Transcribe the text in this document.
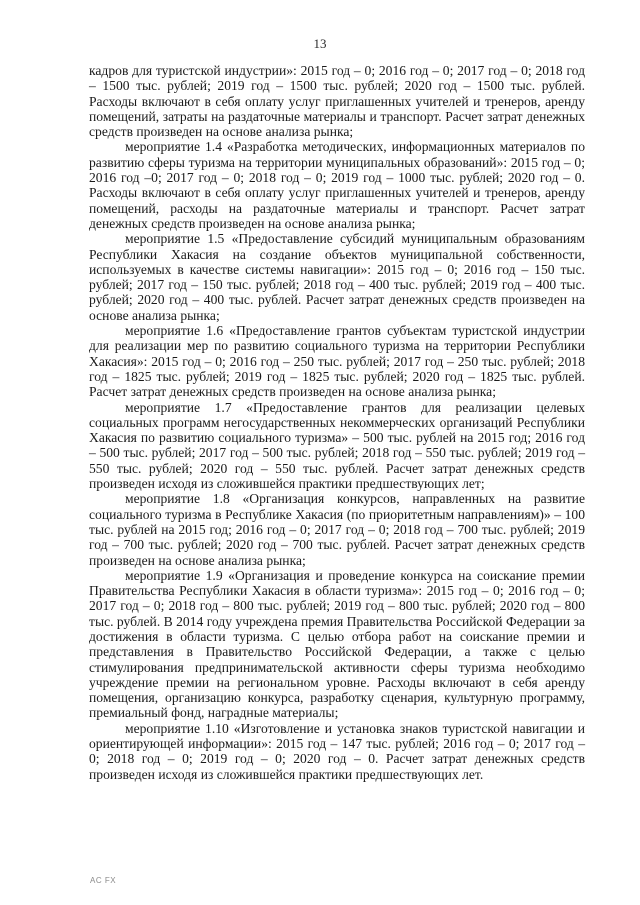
13

кадров для туристской индустрии»: 2015 год – 0; 2016 год – 0; 2017 год – 0; 2018 год – 1500 тыс. рублей; 2019 год – 1500 тыс. рублей; 2020 год – 1500 тыс. рублей. Расходы включают в себя оплату услуг приглашенных учителей и тренеров, аренду помещений, затраты на раздаточные материалы и транспорт. Расчет затрат денежных средств произведен на основе анализа рынка;

мероприятие 1.4 «Разработка методических, информационных материалов по развитию сферы туризма на территории муниципальных образований»: 2015 год – 0; 2016 год –0; 2017 год – 0; 2018 год – 0; 2019 год – 1000 тыс. рублей; 2020 год – 0. Расходы включают в себя оплату услуг приглашенных учителей и тренеров, аренду помещений, расходы на раздаточные материалы и транспорт. Расчет затрат денежных средств произведен на основе анализа рынка;

мероприятие 1.5 «Предоставление субсидий муниципальным образованиям Республики Хакасия на создание объектов муниципальной собственности, используемых в качестве системы навигации»: 2015 год – 0; 2016 год – 150 тыс. рублей; 2017 год – 150 тыс. рублей; 2018 год – 400 тыс. рублей; 2019 год – 400 тыс. рублей; 2020 год – 400 тыс. рублей. Расчет затрат денежных средств произведен на основе анализа рынка;

мероприятие 1.6 «Предоставление грантов субъектам туристской индустрии для реализации мер по развитию социального туризма на территории Республики Хакасия»: 2015 год – 0; 2016 год – 250 тыс. рублей; 2017 год – 250 тыс. рублей; 2018 год – 1825 тыс. рублей; 2019 год – 1825 тыс. рублей; 2020 год – 1825 тыс. рублей. Расчет затрат денежных средств произведен на основе анализа рынка;

мероприятие 1.7 «Предоставление грантов для реализации целевых социальных программ негосударственных некоммерческих организаций Республики Хакасия по развитию социального туризма» – 500 тыс. рублей на 2015 год; 2016 год – 500 тыс. рублей; 2017 год – 500 тыс. рублей; 2018 год – 550 тыс. рублей; 2019 год – 550 тыс. рублей; 2020 год – 550 тыс. рублей. Расчет затрат денежных средств произведен исходя из сложившейся практики предшествующих лет;

мероприятие 1.8 «Организация конкурсов, направленных на развитие социального туризма в Республике Хакасия (по приоритетным направлениям)» – 100 тыс. рублей на 2015 год; 2016 год – 0; 2017 год – 0; 2018 год – 700 тыс. рублей; 2019 год – 700 тыс. рублей; 2020 год – 700 тыс. рублей. Расчет затрат денежных средств произведен на основе анализа рынка;

мероприятие 1.9 «Организация и проведение конкурса на соискание премии Правительства Республики Хакасия в области туризма»: 2015 год – 0; 2016 год – 0; 2017 год – 0; 2018 год – 800 тыс. рублей; 2019 год – 800 тыс. рублей; 2020 год – 800 тыс. рублей. В 2014 году учреждена премия Правительства Российской Федерации за достижения в области туризма. С целью отбора работ на соискание премии и представления в Правительство Российской Федерации, а также с целью стимулирования предпринимательской активности сферы туризма необходимо учреждение премии на региональном уровне. Расходы включают в себя аренду помещения, организацию конкурса, разработку сценария, культурную программу, премиальный фонд, наградные материалы;

мероприятие 1.10 «Изготовление и установка знаков туристской навигации и ориентирующей информации»: 2015 год – 147 тыс. рублей; 2016 год – 0; 2017 год – 0; 2018 год – 0; 2019 год – 0; 2020 год – 0. Расчет затрат денежных средств произведен исходя из сложившейся практики предшествующих лет.

AC FX
